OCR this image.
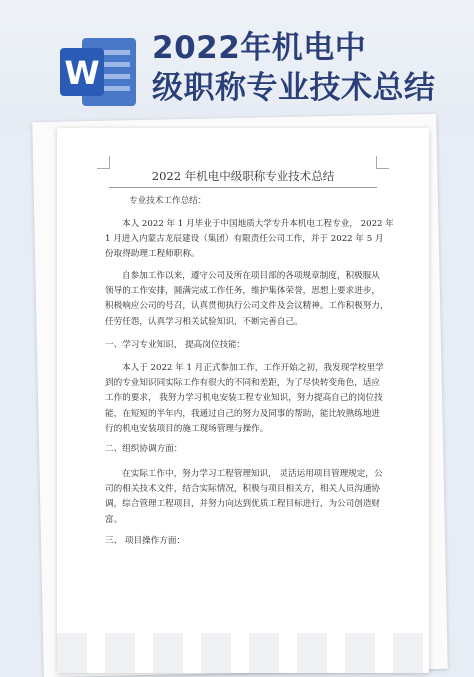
W
2022年机电中
级职称专业技术总结
2022 年机电中级职称专业技术总结
专业技术工作总结：
本人 2022 年 1 月毕业于中国地质大学专升本机电工程专业， 2022 年
1 月进入内蒙古龙辰建设（集团）有限责任公司工作，并于 2022 年 5 月
份取得助理工程师职称。
自参加工作以来，遵守公司及所在项目部的各项规章制度，积极服从
领导的工作安排，圆满完成工作任务，维护集体荣誉，思想上要求进步，
积极响应公司的号召，认真贯彻执行公司文件及会议精神。工作积极努力，
任劳任怨，认真学习相关试验知识，不断完善自己。
一、学习专业知识， 提高岗位技能：
本人于 2022 年 1 月正式参加工作，工作开始之初，我发现学校里学
到的专业知识同实际工作有很大的不同和差距，为了尽快转变角色，适应
工作的要求， 我努力学习机电安装工程专业知识，努力提高自己的岗位技
能，在短短的半年内，我通过自己的努力及同事的帮助，能比较熟练地进
行的机电安装项目的施工现场管理与操作。
二、组织协调方面：
在实际工作中，努力学习工程管理知识， 灵活运用项目管理规定，公
司的相关技术文件，结合实际情况，积极与项目相关方，相关人员沟通协
调，综合管理工程项目，并努力向达到优质工程目标进行，为公司创造财
富。
三、 项目操作方面：
